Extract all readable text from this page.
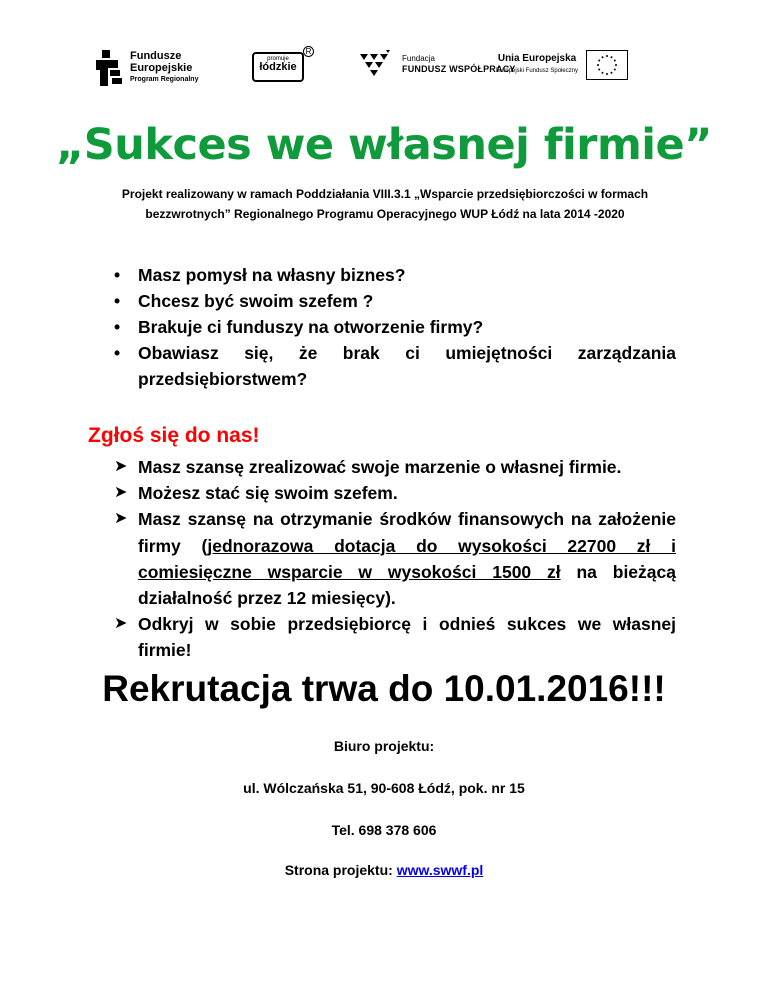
Fundusze
Europejskie
Program Regionalny
promuje
łódzkie
R
Fundacja
FUNDUSZ WSPÓŁPRACY
Unia Europejska
Europejski Fundusz Społeczny
„Sukces we własnej firmie”

Projekt realizowany w ramach Poddziałania VIII.3.1 „Wsparcie przedsiębiorczości w formach bezzwrotnych” Regionalnego Programu Operacyjnego WUP Łódź na lata 2014 -2020

• Masz pomysł na własny biznes?
• Chcesz być swoim szefem ?
• Brakuje ci funduszy na otworzenie firmy?
• Obawiasz się, że brak ci umiejętności zarządzania przedsiębiorstwem?

Zgłoś się do nas!

➤ Masz szansę zrealizować swoje marzenie o własnej firmie.
➤ Możesz stać się swoim szefem.
➤ Masz szansę na otrzymanie środków finansowych na założenie firmy (jednorazowa dotacja do wysokości 22700 zł i comiesięczne wsparcie w wysokości 1500 zł na bieżącą działalność przez 12 miesięcy).
➤ Odkryj w sobie przedsiębiorcę i odnieś sukces we własnej firmie!
Rekrutacja trwa do 10.01.2016!!!
Biuro projektu:
ul. Wólczańska 51, 90-608 Łódź, pok. nr 15
Tel. 698 378 606
Strona projektu: www.swwf.pl
